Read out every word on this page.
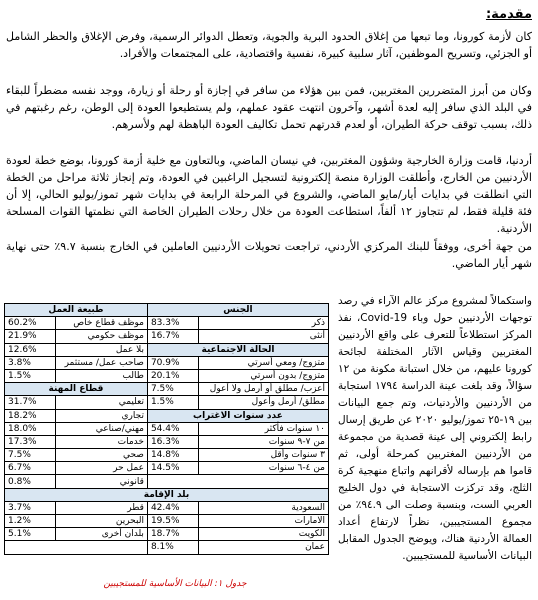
مقدمة:
كان لأزمة كورونا، وما تبعها من إغلاق الحدود البرية والجوية، وتعطل الدوائر الرسمية، وفرض الإغلاق والحظر الشامل أو الجزئي، وتسريح الموظفين، آثار سلبية كبيرة، نفسية واقتصادية، على المجتمعات والأفراد.
وكان من أبرز المتضررين المغتربين، فمن بين هؤلاء من سافر في إجازة أو رحلة أو زيارة، ووجد نفسه مضطراً للبقاء في البلد الذي سافر إليه لعدة أشهر، وآخرون انتهت عقود عملهم، ولم يستطيعوا العودة إلى الوطن، رغم رغبتهم في ذلك، بسبب توقف حركة الطيران، أو لعدم قدرتهم تحمل تكاليف العودة الباهظة لهم ولأسرهم.
أردنيا، قامت وزارة الخارجية وشؤون المغتربين، في نيسان الماضي، وبالتعاون مع خلية أزمة كورونا، بوضع خطة لعودة الأردنيين من الخارج، وأطلقت الوزارة منصة إلكترونية لتسجيل الراغبين في العودة، وتم إنجاز ثلاثة مراحل من الخطة التي انطلقت في بدايات أيار/مايو الماضي، والشروع في المرحلة الرابعة في بدايات شهر تموز/يوليو الحالي، إلا أن فئة قليلة فقط، لم تتجاوز ١٢ ألفاً، استطاعت العودة من خلال رحلات الطيران الخاصة التي نظمتها القوات المسلحة الأردنية.
من جهة أخرى، ووفقاً للبنك المركزي الأردني، تراجعت تحويلات الأردنيين العاملين في الخارج بنسبة ٩.٧٪ حتى نهاية شهر أيار الماضي.
واستكمالاً لمشروع مركز عالم الآراء في رصد توجهات الأردنيين حول وباء Covid-19، نفذ المركز استطلاعاً للتعرف على واقع الأردنيين المغتربين وقياس الآثار المختلفة لجائحة كورونا عليهم، من خلال استبانة مكونة من ١٢ سؤالاً، وقد بلغت عينة الدراسة ١٧٩٤ استجابة من الأردنيين والأردنيات، وتم جمع البيانات بين ١٩-٢٥ تموز/يوليو ٢٠٢٠ عن طريق إرسال رابط إلكتروني إلى عينة قصدية من مجموعة من الأردنيين المغتربين كمرحلة أولى، ثم قاموا هم بإرساله لأقرانهم واتباع منهجية كرة الثلج، وقد تركزت الاستجابة في دول الخليج العربي الست، وبنسبة وصلت الى ٩٤.٩٪ من مجموع المستجيبين، نظراً لارتفاع أعداد العمالة الأردنية هناك، ويوضح الجدول المقابل البيانات الأساسية للمستجيبين.
الجنس		طبيعة العمل	
ذكر	83.3%	موظف قطاع خاص	60.2%
أنثى	16.7%	موظف حكومي	21.9%
الحالة الاجتماعية		بلا عمل	12.6%
متزوج/ ومعي أسرتي	70.9%	صاحب عمل/ مستثمر	3.8%
متزوج/ بدون أسرتي	20.1%	طالب	1.5%
أعزب/ مطلق أو أرمل ولا أعول	7.5%	قطاع المهنة	
مطلق/ أرمل وأعول	1.5%	تعليمي	31.7%
عدد سنوات الاغتراب		تجاري	18.2%
١٠ سنوات فأكثر	54.4%	مهني/صناعي	18.0%
من ٧-٩ سنوات	16.3%	خدمات	17.3%
٣ سنوات وأقل	14.8%	صحي	7.5%
من ٤-٦ سنوات	14.5%	عمل حر	6.7%
		قانوني	0.8%
بلد الإقامة			
السعودية	42.4%	قطر	3.7%
الامارات	19.5%	البحرين	1.2%
الكويت	18.7%	بلدان أخرى	5.1%
عمان	8.1%		
جدول ١: البيانات الأساسية للمستجيبين
